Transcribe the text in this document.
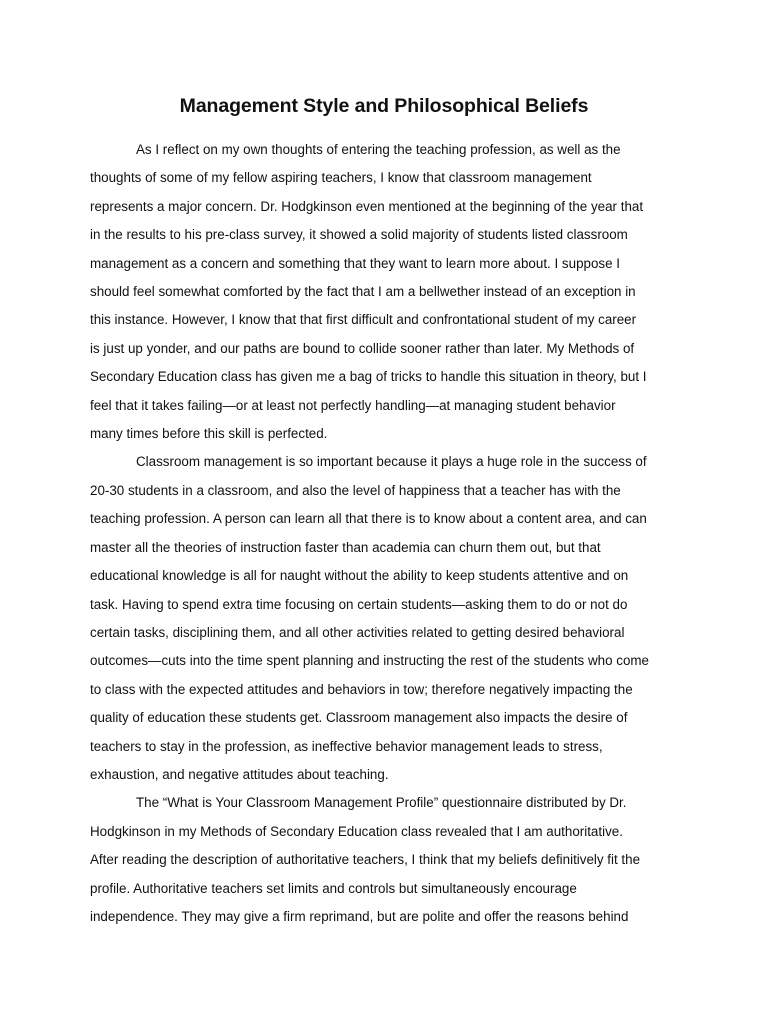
Management Style and Philosophical Beliefs

As I reflect on my own thoughts of entering the teaching profession, as well as the
thoughts of some of my fellow aspiring teachers, I know that classroom management
represents a major concern. Dr. Hodgkinson even mentioned at the beginning of the year that
in the results to his pre-class survey, it showed a solid majority of students listed classroom
management as a concern and something that they want to learn more about. I suppose I
should feel somewhat comforted by the fact that I am a bellwether instead of an exception in
this instance. However, I know that that first difficult and confrontational student of my career
is just up yonder, and our paths are bound to collide sooner rather than later. My Methods of
Secondary Education class has given me a bag of tricks to handle this situation in theory, but I
feel that it takes failing—or at least not perfectly handling—at managing student behavior
many times before this skill is perfected.

Classroom management is so important because it plays a huge role in the success of
20-30 students in a classroom, and also the level of happiness that a teacher has with the
teaching profession. A person can learn all that there is to know about a content area, and can
master all the theories of instruction faster than academia can churn them out, but that
educational knowledge is all for naught without the ability to keep students attentive and on
task. Having to spend extra time focusing on certain students—asking them to do or not do
certain tasks, disciplining them, and all other activities related to getting desired behavioral
outcomes—cuts into the time spent planning and instructing the rest of the students who come
to class with the expected attitudes and behaviors in tow; therefore negatively impacting the
quality of education these students get. Classroom management also impacts the desire of
teachers to stay in the profession, as ineffective behavior management leads to stress,
exhaustion, and negative attitudes about teaching.

The “What is Your Classroom Management Profile” questionnaire distributed by Dr.
Hodgkinson in my Methods of Secondary Education class revealed that I am authoritative.
After reading the description of authoritative teachers, I think that my beliefs definitively fit the
profile. Authoritative teachers set limits and controls but simultaneously encourage
independence. They may give a firm reprimand, but are polite and offer the reasons behind
